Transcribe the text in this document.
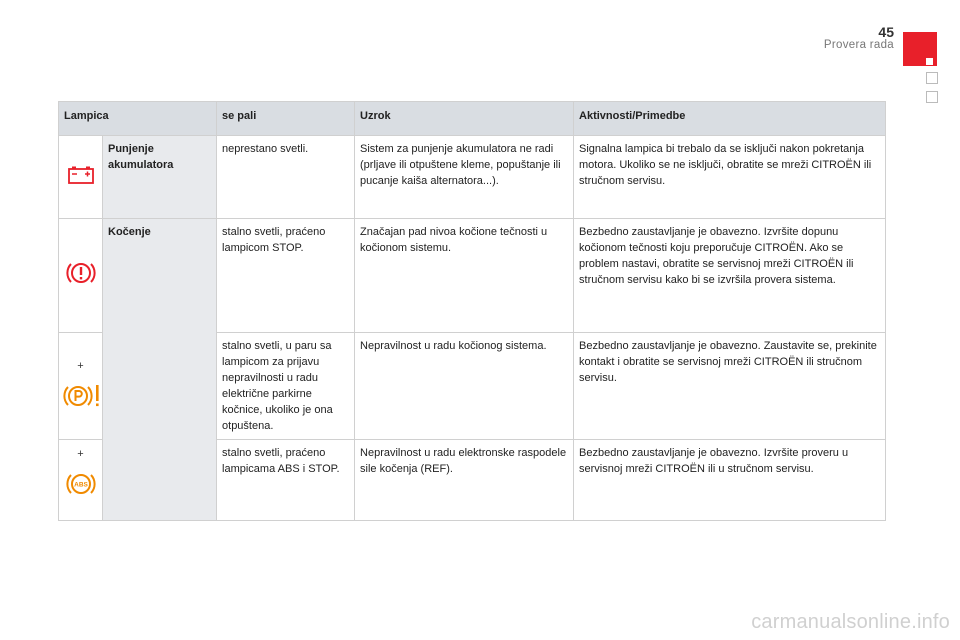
45
Provera rada
Lampica		se pali	Uzrok	Aktivnosti/Primedbe
	Punjenje akumulatora	neprestano svetli.	Sistem za punjenje akumulatora ne radi (prljave ili otpuštene kleme, popuštanje ili pucanje kaiša alternatora...).	Signalna lampica bi trebalo da se isključi nakon pokretanja motora. Ukoliko se ne isključi, obratite se mreži CITROËN ili stručnom servisu.
	Kočenje	stalno svetli, praćeno lampicom STOP.	Značajan pad nivoa kočione tečnosti u kočionom sistemu.	Bezbedno zaustavljanje je obavezno. Izvršite dopunu kočionom tečnosti koju preporučuje CITROËN. Ako se problem nastavi, obratite se servisnoj mreži CITROËN ili stručnom servisu kako bi se izvršila provera sistema.

+		stalno svetli, u paru sa lampicom za prijavu nepravilnosti u radu električne parkirne kočnice, ukoliko je ona otpuštena.	Nepravilnost u radu kočionog sistema.	Bezbedno zaustavljanje je obavezno. Zaustavite se, prekinite kontakt i obratite se servisnoj mreži CITROËN ili stručnom servisu.

+
ABS		stalno svetli, praćeno lampicama ABS i STOP.	Nepravilnost u radu elektronske raspodele sile kočenja (REF).	Bezbedno zaustavljanje je obavezno. Izvršite proveru u servisnoj mreži CITROËN ili u stručnom servisu.
carmanualsonline.info
